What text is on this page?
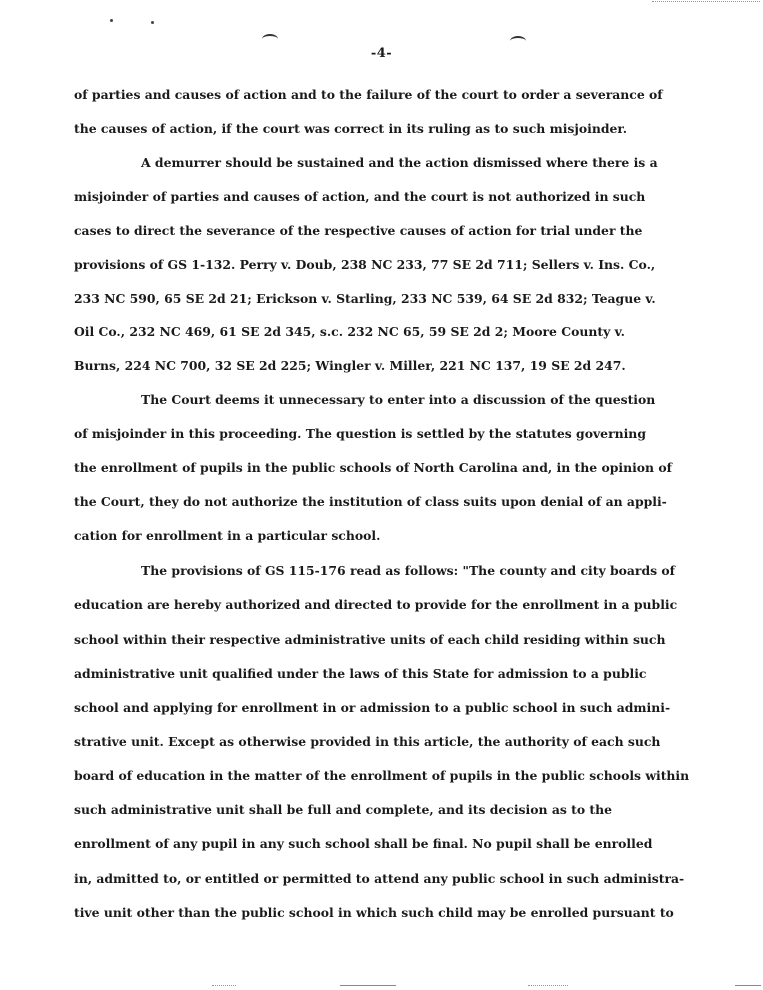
-4-
of parties and causes of action and to the failure of the court to order a severance of
the causes of action, if the court was correct in its ruling as to such misjoinder.
A demurrer should be sustained and the action dismissed where there is a
misjoinder of parties and causes of action, and the court is not authorized in such
cases to direct the severance of the respective causes of action for trial under the
provisions of GS 1-132. Perry v. Doub, 238 NC 233, 77 SE 2d 711; Sellers v. Ins. Co.,
233 NC 590, 65 SE 2d 21; Erickson v. Starling, 233 NC 539, 64 SE 2d 832; Teague v.
Oil Co., 232 NC 469, 61 SE 2d 345, s.c. 232 NC 65, 59 SE 2d 2; Moore County v.
Burns, 224 NC 700, 32 SE 2d 225; Wingler v. Miller, 221 NC 137, 19 SE 2d 247.
The Court deems it unnecessary to enter into a discussion of the question
of misjoinder in this proceeding. The question is settled by the statutes governing
the enrollment of pupils in the public schools of North Carolina and, in the opinion of
the Court, they do not authorize the institution of class suits upon denial of an appli-
cation for enrollment in a particular school.
The provisions of GS 115-176 read as follows: "The county and city boards of
education are hereby authorized and directed to provide for the enrollment in a public
school within their respective administrative units of each child residing within such
administrative unit qualified under the laws of this State for admission to a public
school and applying for enrollment in or admission to a public school in such admini-
strative unit. Except as otherwise provided in this article, the authority of each such
board of education in the matter of the enrollment of pupils in the public schools within
such administrative unit shall be full and complete, and its decision as to the
enrollment of any pupil in any such school shall be final. No pupil shall be enrolled
in, admitted to, or entitled or permitted to attend any public school in such administra-
tive unit other than the public school in which such child may be enrolled pursuant to
